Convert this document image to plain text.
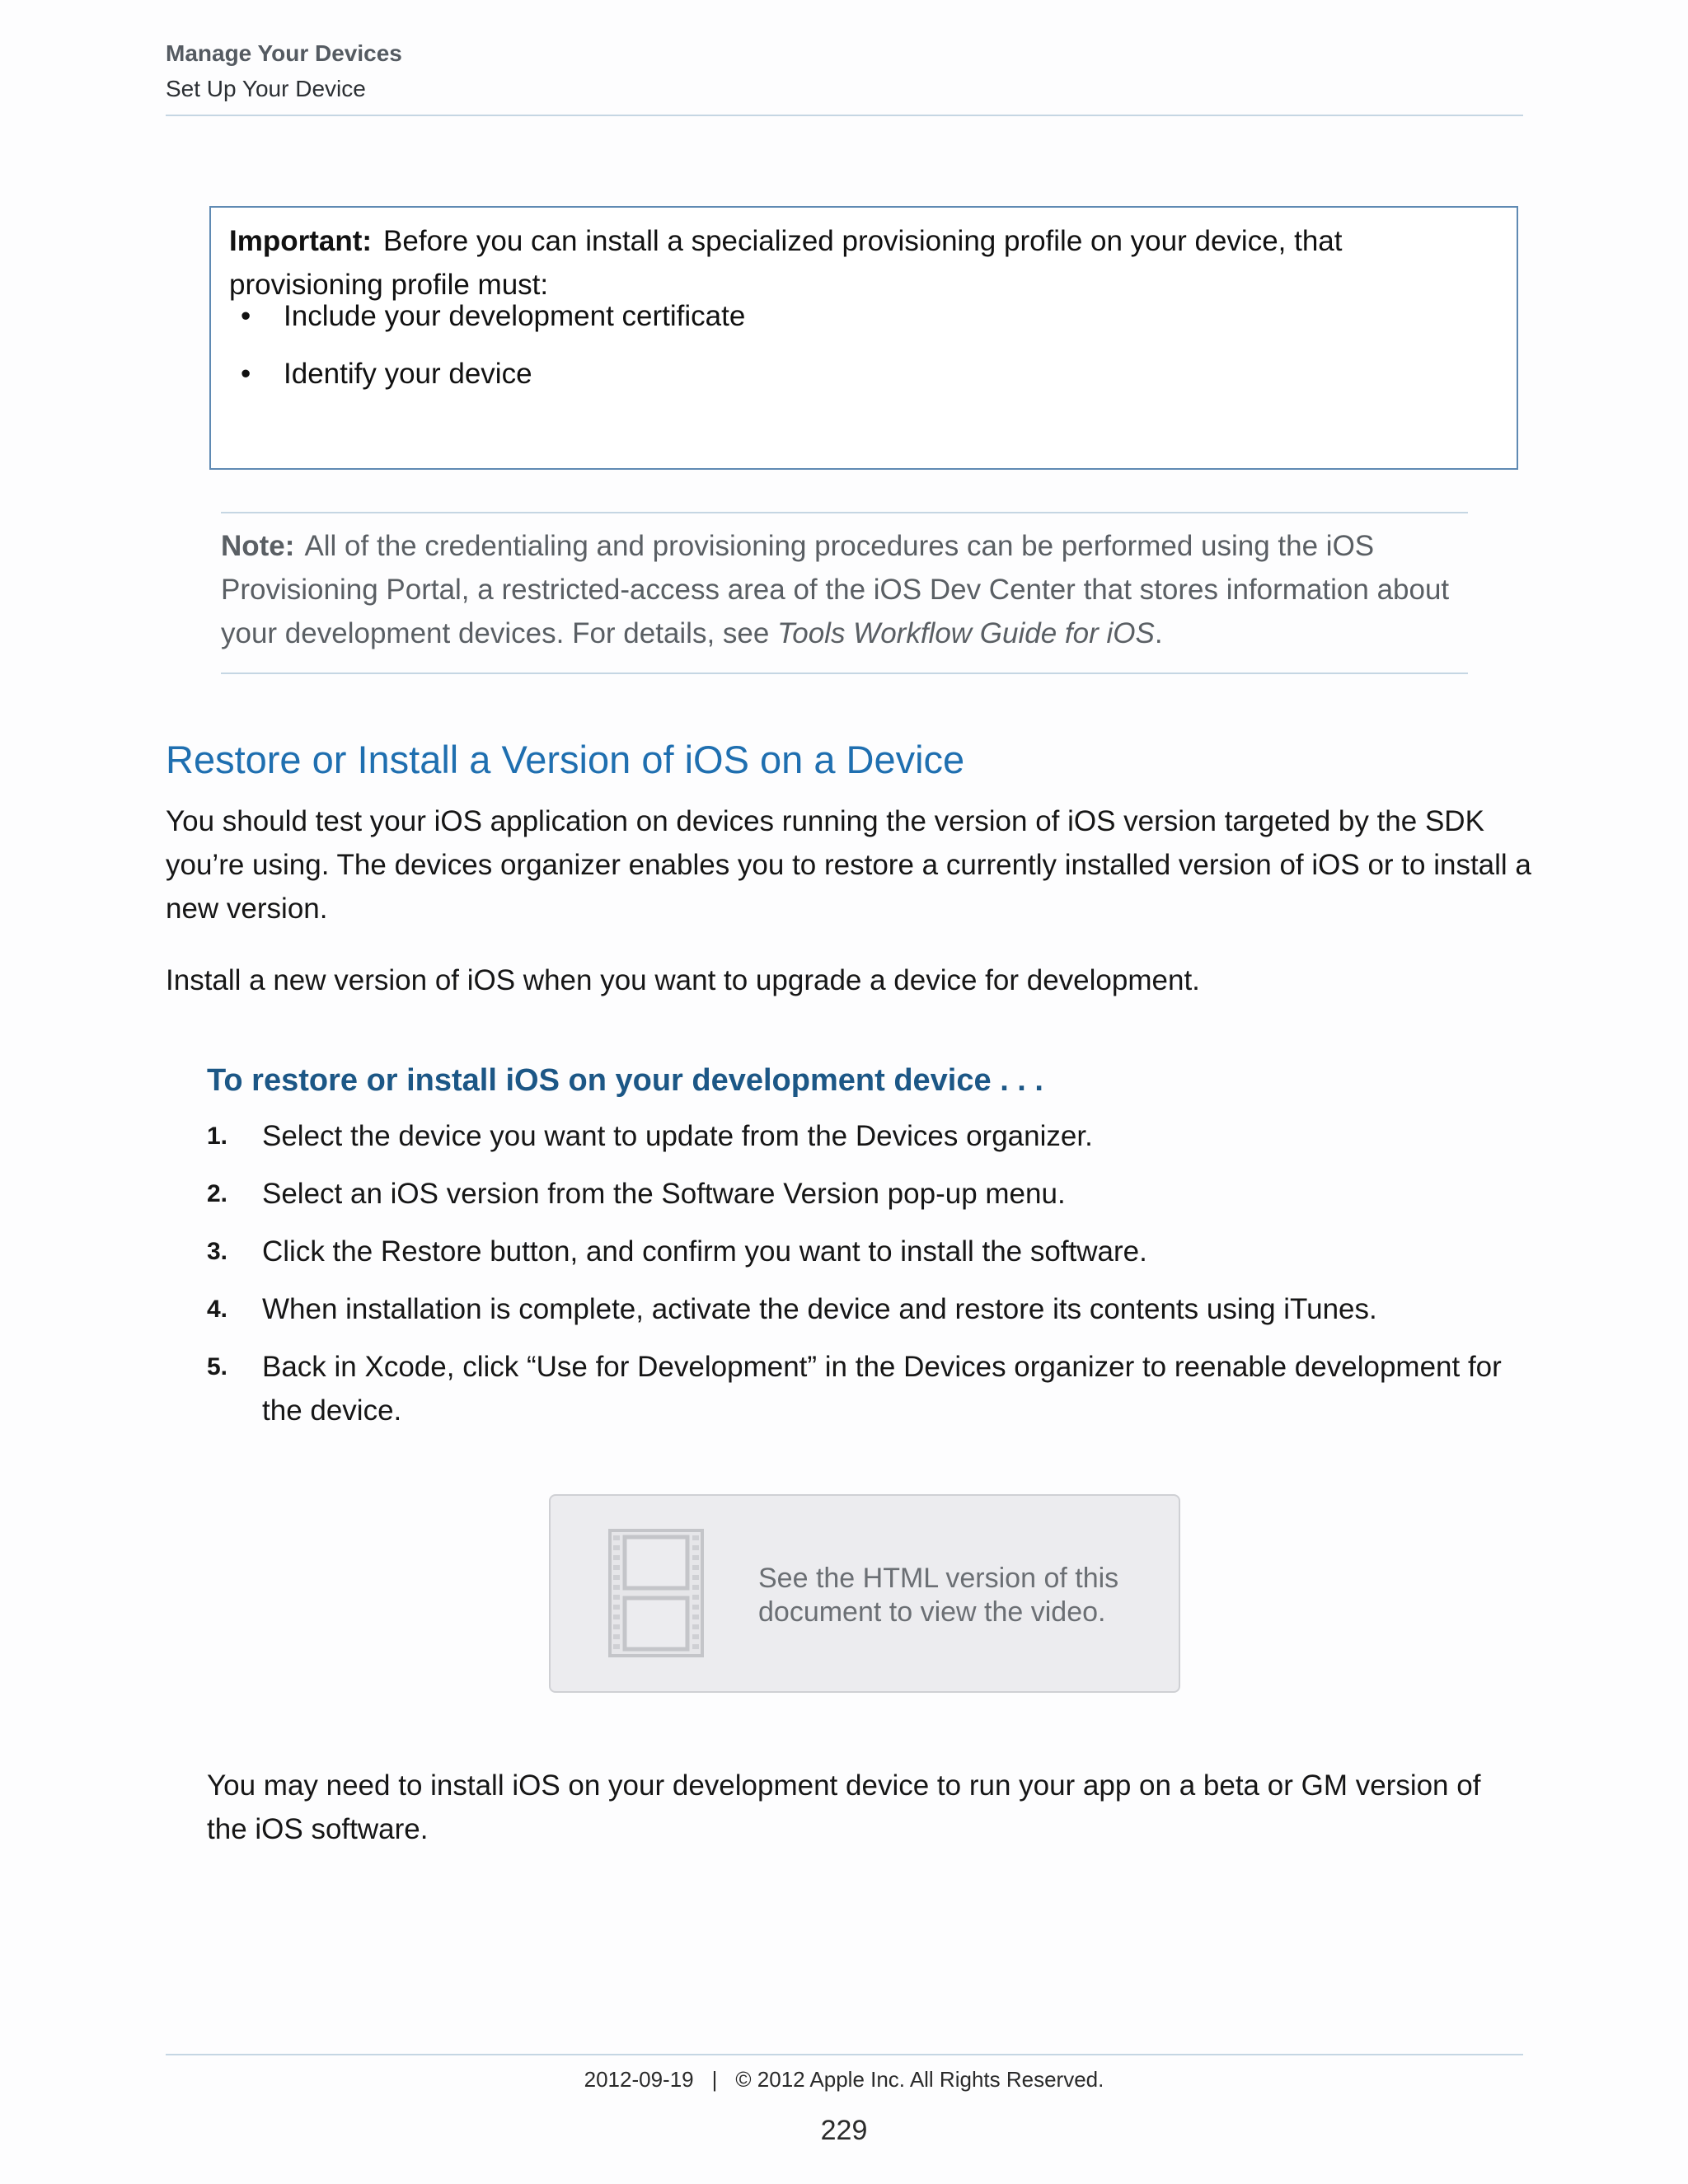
Manage Your Devices
Set Up Your Device
Important: Before you can install a specialized provisioning profile on your device, that provisioning profile must:
• Include your development certificate
• Identify your device
Note: All of the credentialing and provisioning procedures can be performed using the iOS Provisioning Portal, a restricted-access area of the iOS Dev Center that stores information about your development devices. For details, see Tools Workflow Guide for iOS.
Restore or Install a Version of iOS on a Device
You should test your iOS application on devices running the version of iOS version targeted by the SDK you’re using. The devices organizer enables you to restore a currently installed version of iOS or to install a new version.
Install a new version of iOS when you want to upgrade a device for development.
To restore or install iOS on your development device . . .
1. Select the device you want to update from the Devices organizer.
2. Select an iOS version from the Software Version pop-up menu.
3. Click the Restore button, and confirm you want to install the software.
4. When installation is complete, activate the device and restore its contents using iTunes.
5. Back in Xcode, click “Use for Development” in the Devices organizer to reenable development for the device.
See the HTML version of this document to view the video.
You may need to install iOS on your development device to run your app on a beta or GM version of the iOS software.
2012-09-19 | © 2012 Apple Inc. All Rights Reserved.
229
